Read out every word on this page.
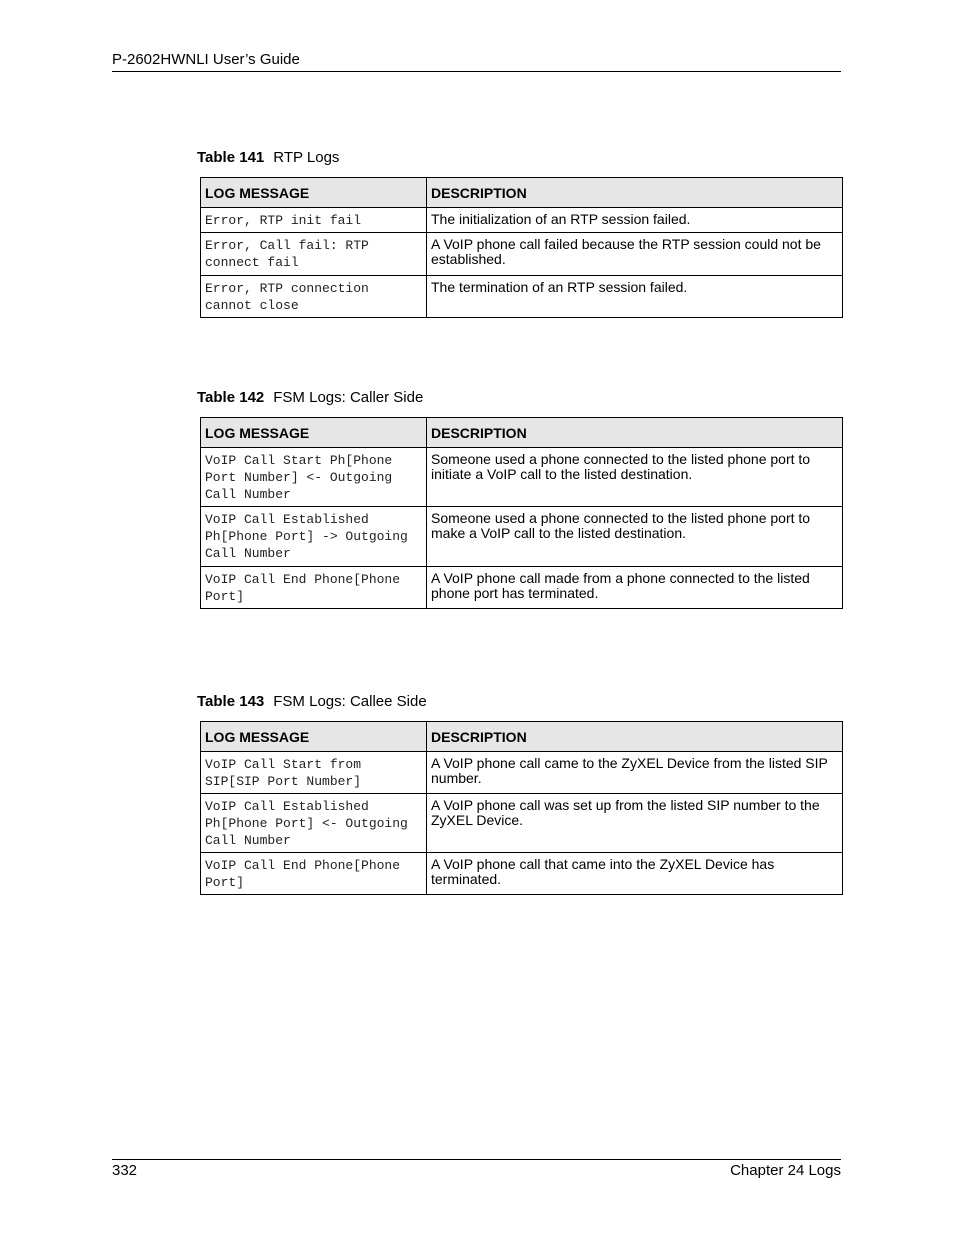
P-2602HWNLI User’s Guide
Table 141 RTP Logs
LOG MESSAGE	DESCRIPTION
Error, RTP init fail	The initialization of an RTP session failed.
Error, Call fail: RTP connect fail	A VoIP phone call failed because the RTP session could not be established.
Error, RTP connection cannot close	The termination of an RTP session failed.
Table 142 FSM Logs: Caller Side
LOG MESSAGE	DESCRIPTION
VoIP Call Start Ph[Phone Port Number] <- Outgoing Call Number	Someone used a phone connected to the listed phone port to initiate a VoIP call to the listed destination.
VoIP Call Established Ph[Phone Port] -> Outgoing Call Number	Someone used a phone connected to the listed phone port to make a VoIP call to the listed destination.
VoIP Call End Phone[Phone Port]	A VoIP phone call made from a phone connected to the listed phone port has terminated.
Table 143 FSM Logs: Callee Side
LOG MESSAGE	DESCRIPTION
VoIP Call Start from SIP[SIP Port Number]	A VoIP phone call came to the ZyXEL Device from the listed SIP number.
VoIP Call Established Ph[Phone Port] <- Outgoing Call Number	A VoIP phone call was set up from the listed SIP number to the ZyXEL Device.
VoIP Call End Phone[Phone Port]	A VoIP phone call that came into the ZyXEL Device has terminated.
332	Chapter 24 Logs
